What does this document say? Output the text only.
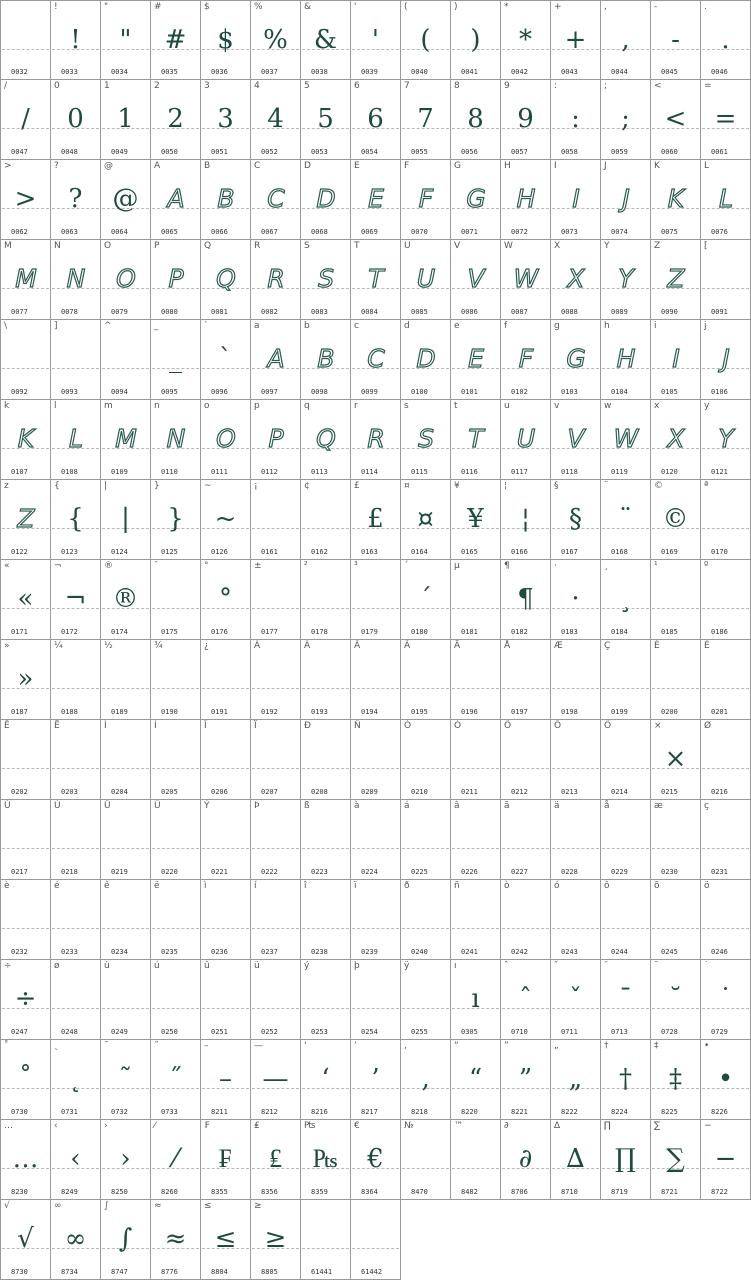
0032
!
!
0033
"
"
0034
#
#
0035
$
$
0036
%
%
0037
&
&
0038
'
'
0039
(
(
0040
)
)
0041
*
*
0042
+
+
0043
,
,
0044
-
-
0045
.
.
0046
/
/
0047
0
0
0048
1
1
0049
2
2
0050
3
3
0051
4
4
0052
5
5
0053
6
6
0054
7
7
0055
8
8
0056
9
9
0057
:
:
0058
;
;
0059
<
<
0060
=
=
0061
>
>
0062
?
?
0063
@
@
0064
A
A
0065
B
B
0066
C
C
0067
D
D
0068
E
E
0069
F
F
0070
G
G
0071
H
H
0072
I
I
0073
J
J
0074
K
K
0075
L
L
0076
M
M
0077
N
N
0078
O
O
0079
P
P
0080
Q
Q
0081
R
R
0082
S
S
0083
T
T
0084
U
U
0085
V
V
0086
W
W
0087
X
X
0088
Y
Y
0089
Z
Z
0090
[
0091
\
0092
]
0093
^
0094
_
_
0095
`
`
0096
a
A
0097
b
B
0098
c
C
0099
d
D
0100
e
E
0101
f
F
0102
g
G
0103
h
H
0104
i
I
0105
j
J
0106
k
K
0107
l
L
0108
m
M
0109
n
N
0110
o
O
0111
p
P
0112
q
Q
0113
r
R
0114
s
S
0115
t
T
0116
u
U
0117
v
V
0118
w
W
0119
x
X
0120
y
Y
0121
z
Z
0122
{
{
0123
|
|
0124
}
}
0125
~
~
0126
¡
0161
¢
0162
£
£
0163
¤
¤
0164
¥
¥
0165
¦
¦
0166
§
§
0167
¨
¨
0168
©
©
0169
ª
0170
«
«
0171
¬
¬
0172
®
®
0174
¯
0175
°
°
0176
±
0177
²
0178
³
0179
´
´
0180
µ
0181
¶
¶
0182
·
·
0183
¸
¸
0184
¹
0185
º
0186
»
»
0187
¼
0188
½
0189
¾
0190
¿
0191
À
0192
Á
0193
Â
0194
Ã
0195
Ä
0196
Å
0197
Æ
0198
Ç
0199
È
0200
É
0201
Ê
0202
Ë
0203
Ì
0204
Í
0205
Î
0206
Ï
0207
Ð
0208
Ñ
0209
Ò
0210
Ó
0211
Ô
0212
Õ
0213
Ö
0214
×
×
0215
Ø
0216
Ù
0217
Ú
0218
Û
0219
Ü
0220
Ý
0221
Þ
0222
ß
0223
à
0224
á
0225
â
0226
ã
0227
ä
0228
å
0229
æ
0230
ç
0231
è
0232
é
0233
ê
0234
ë
0235
ì
0236
í
0237
î
0238
ï
0239
ð
0240
ñ
0241
ò
0242
ó
0243
ô
0244
õ
0245
ö
0246
÷
÷
0247
ø
0248
ù
0249
ú
0250
û
0251
ü
0252
ý
0253
þ
0254
ÿ
0255
ı
ı
0305
ˆ
ˆ
0710
ˇ
ˇ
0711
ˉ
ˉ
0713
˘
˘
0728
˙
˙
0729
˚
˚
0730
˛
˛
0731
˜
˜
0732
˝
˝
0733
–
–
8211
—
—
8212
‘
‘
8216
’
’
8217
‚
‚
8218
“
“
8220
”
”
8221
„
„
8222
†
†
8224
‡
‡
8225
•
•
8226
…
…
8230
‹
‹
8249
›
›
8250
⁄
⁄
8260
₣
₣
8355
₤
₤
8356
₧
₧
8359
€
€
8364
№
8470
™
8482
∂
∂
8706
∆
∆
8710
∏
∏
8719
∑
∑
8721
−
−
8722
√
√
8730
∞
∞
8734
∫
∫
8747
≈
≈
8776
≤
≤
8804
≥
≥
8805	61441	61442
